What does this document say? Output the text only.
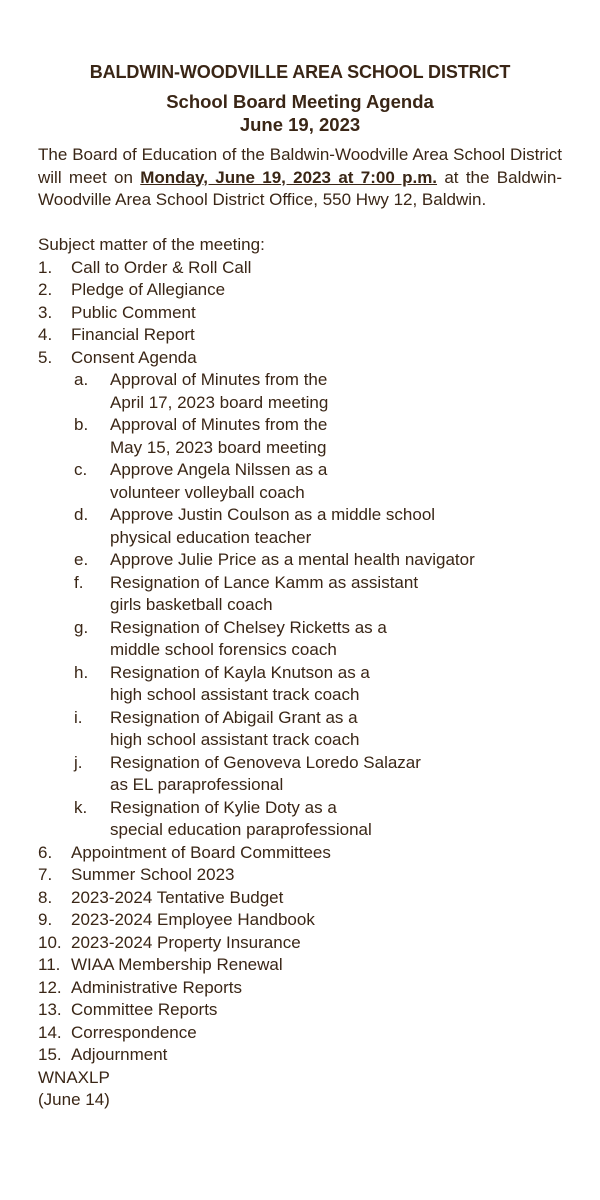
BALDWIN-WOODVILLE AREA SCHOOL DISTRICT

School Board Meeting Agenda

June 19, 2023

The Board of Education of the Baldwin-Woodville Area School District will meet on Monday, June 19, 2023 at 7:00 p.m. at the Baldwin-Woodville Area School District Office, 550 Hwy 12, Baldwin.

Subject matter of the meeting:
1. Call to Order & Roll Call
2. Pledge of Allegiance
3. Public Comment
4. Financial Report
5. Consent Agenda
a. Approval of Minutes from the
April 17, 2023 board meeting
b. Approval of Minutes from the
May 15, 2023 board meeting
c. Approve Angela Nilssen as a
volunteer volleyball coach
d. Approve Justin Coulson as a middle school
physical education teacher
e. Approve Julie Price as a mental health navigator
f. Resignation of Lance Kamm as assistant
girls basketball coach
g. Resignation of Chelsey Ricketts as a
middle school forensics coach
h. Resignation of Kayla Knutson as a
high school assistant track coach
i. Resignation of Abigail Grant as a
high school assistant track coach
j. Resignation of Genoveva Loredo Salazar
as EL paraprofessional
k. Resignation of Kylie Doty as a
special education paraprofessional
6. Appointment of Board Committees
7. Summer School 2023
8. 2023-2024 Tentative Budget
9. 2023-2024 Employee Handbook
10. 2023-2024 Property Insurance
11. WIAA Membership Renewal
12. Administrative Reports
13. Committee Reports
14. Correspondence
15. Adjournment
WNAXLP
(June 14)
